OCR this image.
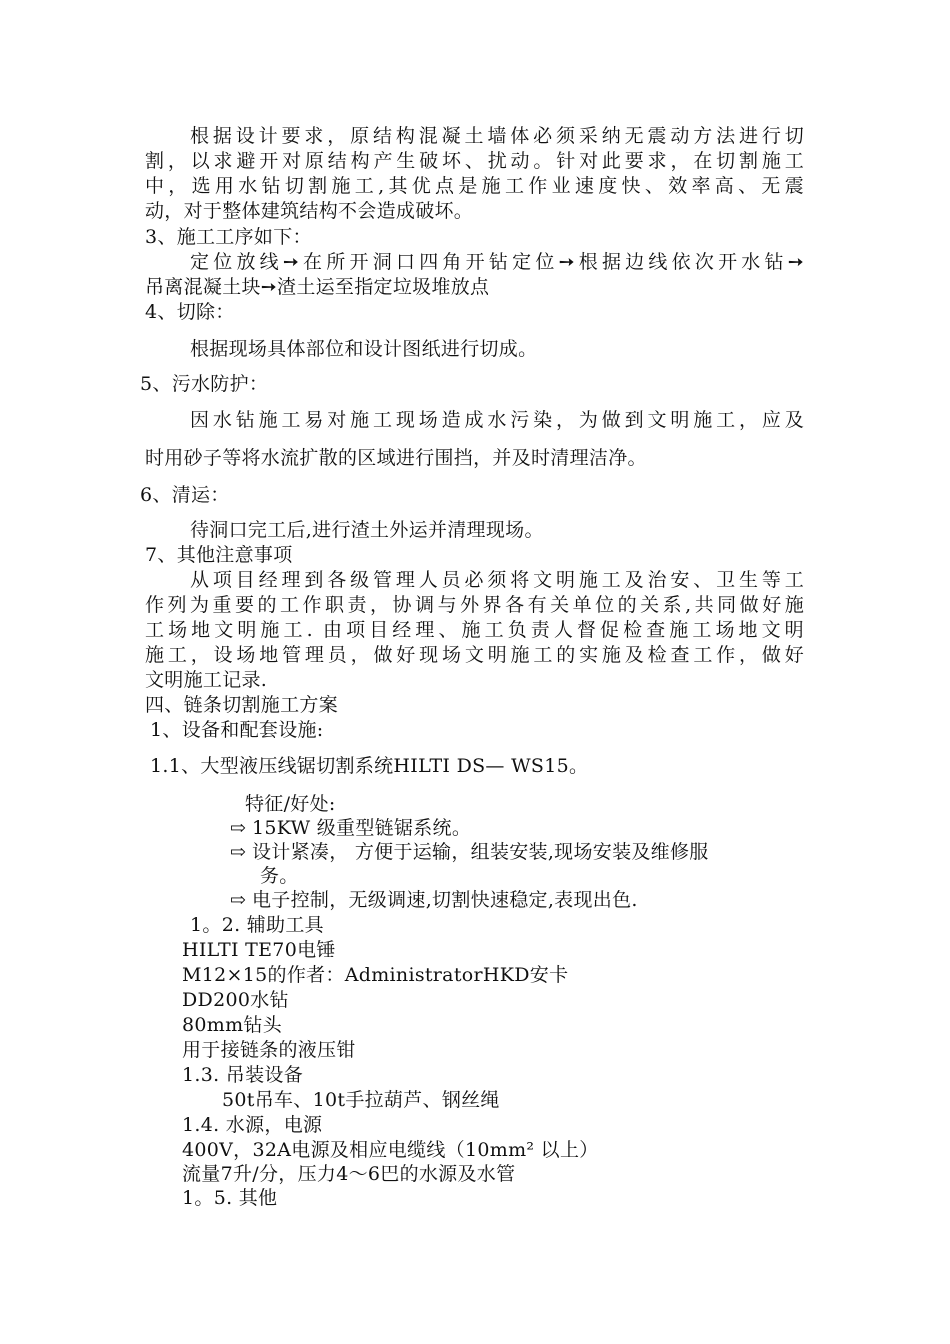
根据设计要求，原结构混凝土墙体必须采纳无震动方法进行切
割，以求避开对原结构产生破坏、扰动。针对此要求，在切割施工
中，选用水钻切割施工,其优点是施工作业速度快、效率高、无震
动，对于整体建筑结构不会造成破坏。
3、施工工序如下：
定位放线➙在所开洞口四角开钻定位➙根据边线依次开水钻➙
吊离混凝土块➙渣土运至指定垃圾堆放点
4、切除：
根据现场具体部位和设计图纸进行切成。
5、污水防护：
因水钻施工易对施工现场造成水污染，为做到文明施工，应及
时用砂子等将水流扩散的区域进行围挡，并及时清理洁净。
6、清运：
待洞口完工后,进行渣土外运并清理现场。
7、其他注意事项
从项目经理到各级管理人员必须将文明施工及治安、卫生等工
作列为重要的工作职责，协调与外界各有关单位的关系,共同做好施
工场地文明施工. 由项目经理、施工负责人督促检查施工场地文明
施工，设场地管理员，做好现场文明施工的实施及检查工作，做好
文明施工记录.
四、链条切割施工方案
1、设备和配套设施:
1.1、大型液压线锯切割系统HILTI DS— WS15。
特征/好处:
⇨ 15KW 级重型链锯系统。
⇨ 设计紧凑， 方便于运输，组装安装,现场安装及维修服
务。
⇨ 电子控制，无级调速,切割快速稳定,表现出色.
1。2. 辅助工具
HILTI TE70电锤
M12×15的作者：AdministratorHKD安卡
DD200水钻
80mm钻头
用于接链条的液压钳
1.3. 吊装设备
50t吊车、10t手拉葫芦、钢丝绳
1.4. 水源，电源
400V，32A电源及相应电缆线（10mm² 以上）
流量7升/分，压力4～6巴的水源及水管
1。5. 其他
